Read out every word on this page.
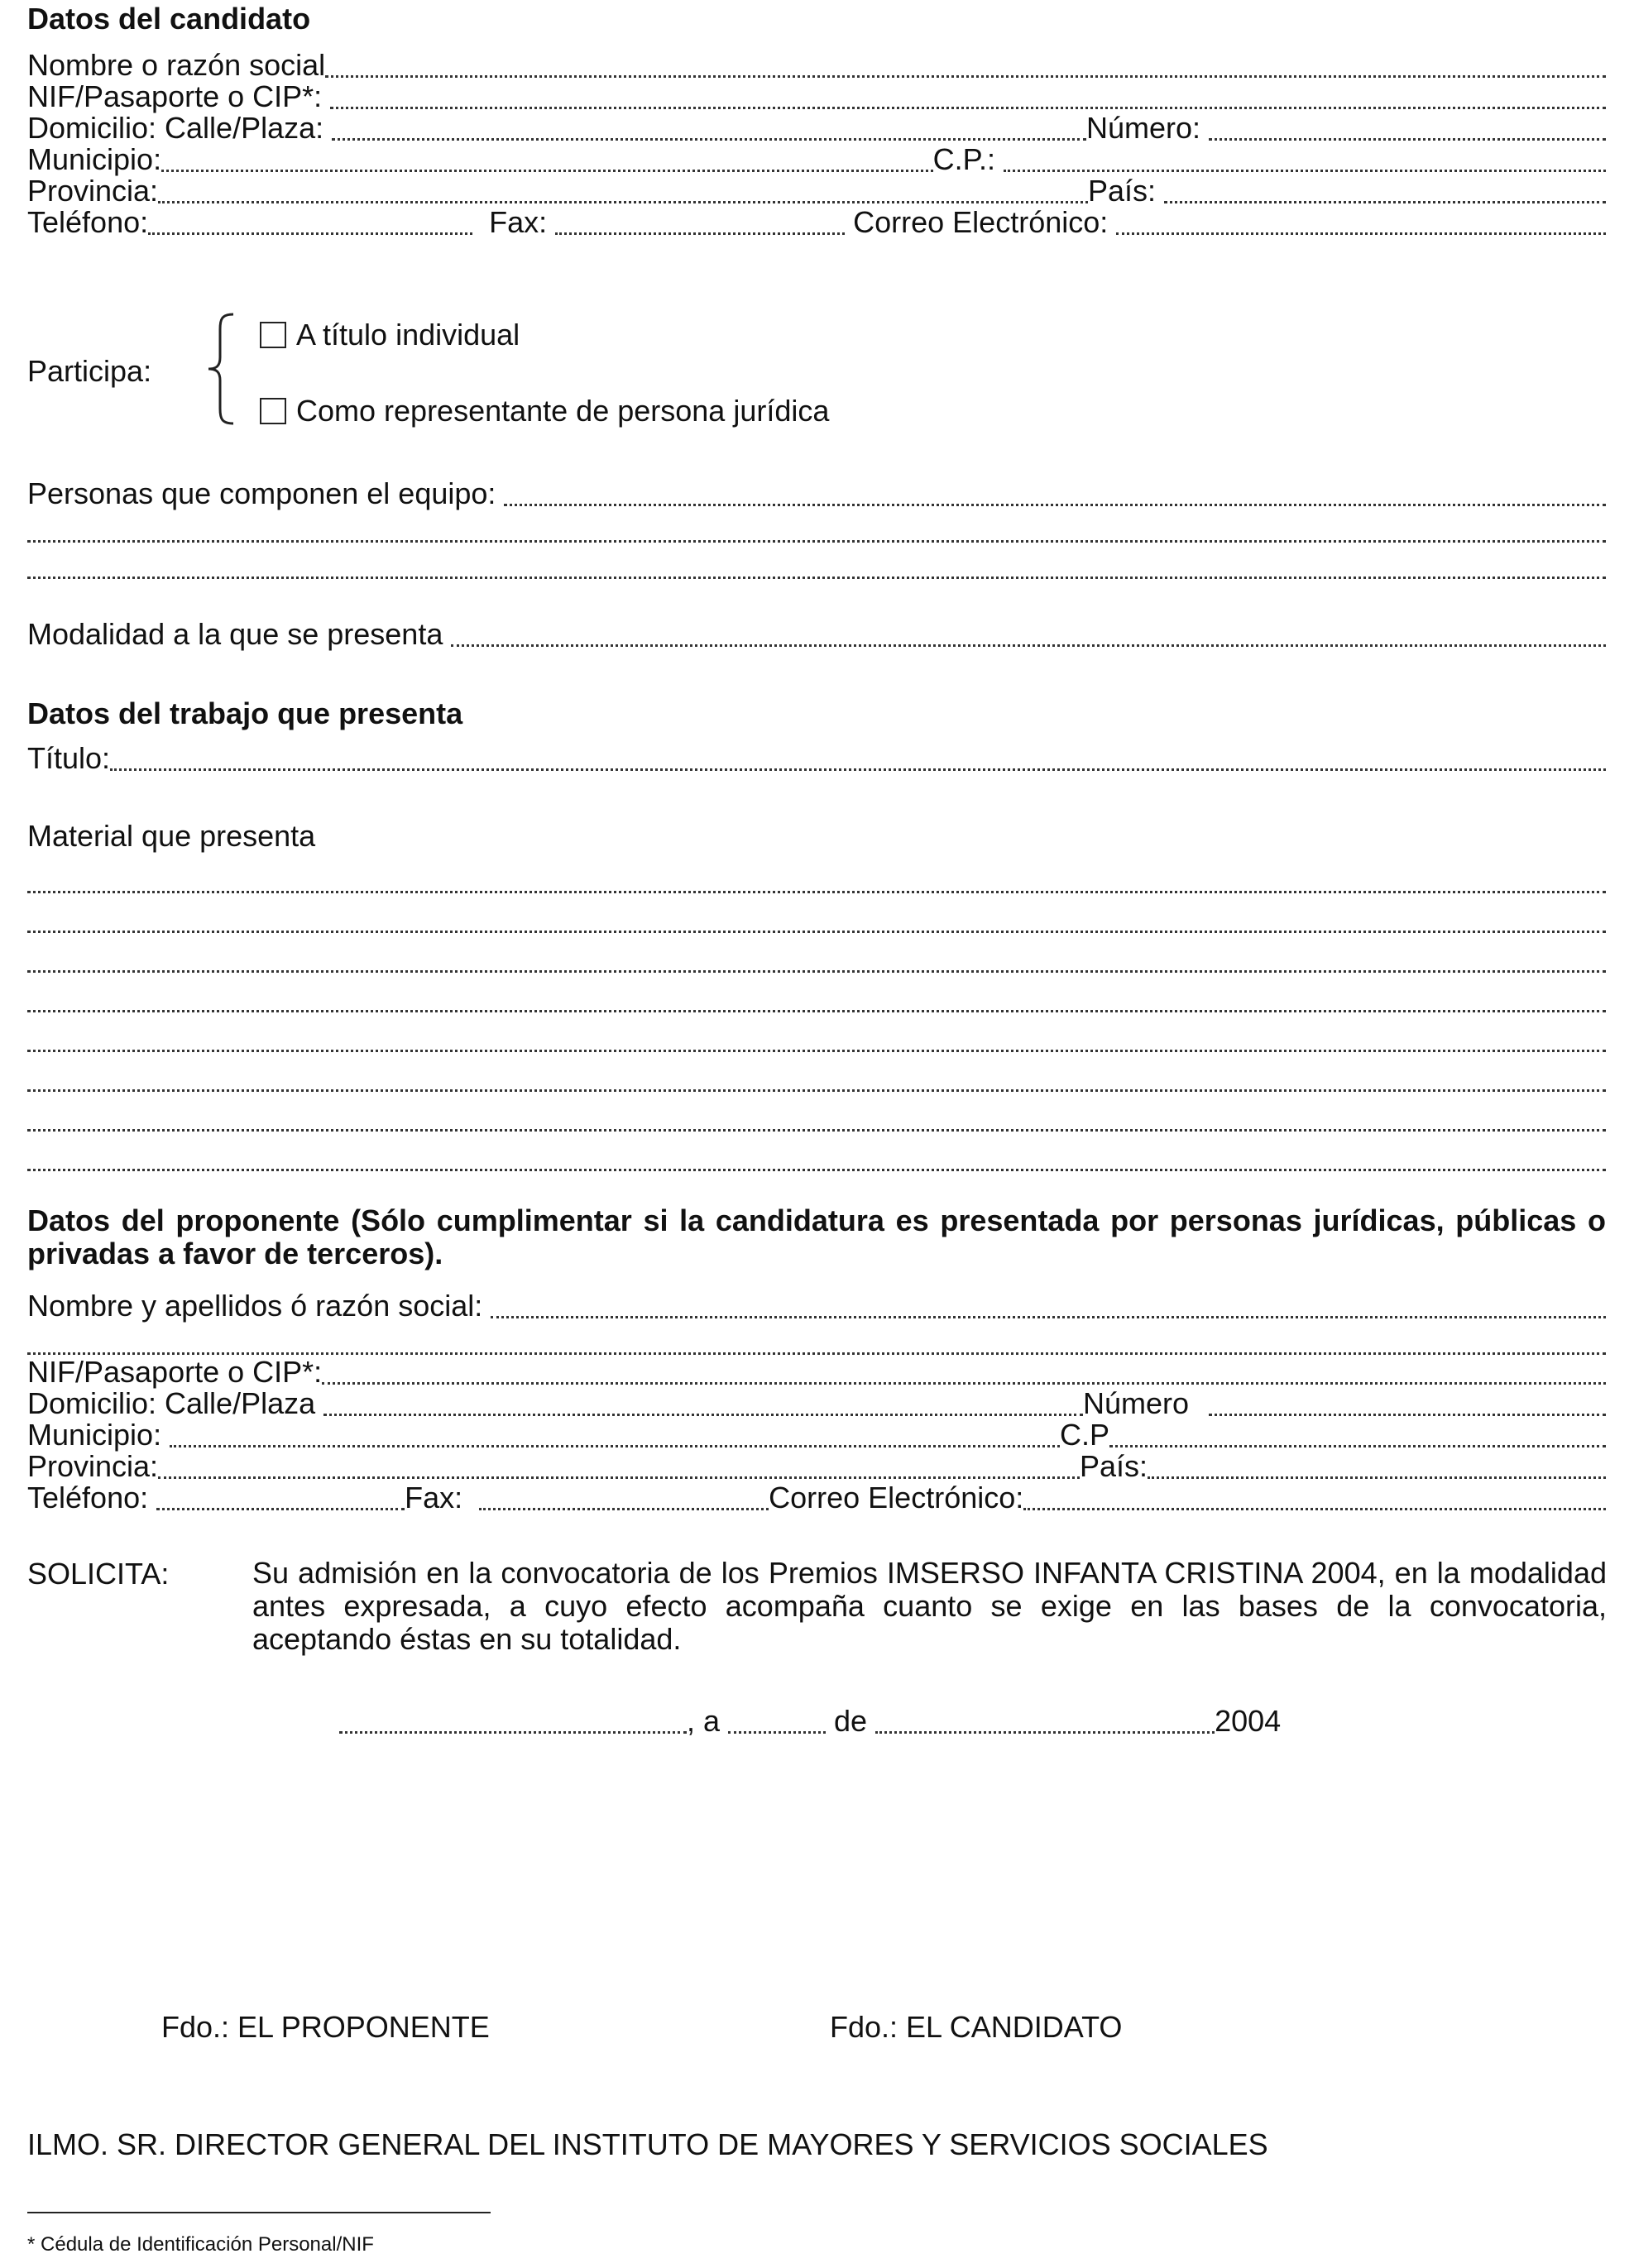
Datos del candidato
Nombre o razón social
NIF/Pasaporte o CIP*:
Domicilio: Calle/Plaza:	Número:
Municipio:	C.P.:
Provincia:	País:
Teléfono:	Fax:	Correo Electrónico:
Participa:
A título individual
Como representante de persona jurídica
Personas que componen el equipo:
Modalidad a la que se presenta
Datos del trabajo que presenta
Título:
Material que presenta

Datos del proponente (Sólo cumplimentar si la candidatura es presentada por personas jurídicas, públicas o privadas a favor de terceros).

Nombre y apellidos ó razón social:
NIF/Pasaporte o CIP*:
Domicilio: Calle/Plaza	Número
Municipio:	C.P
Provincia:	País:
Teléfono:	Fax:	Correo Electrónico:
SOLICITA:	Su admisión en la convocatoria de los Premios IMSERSO INFANTA CRISTINA 2004, en la modalidad antes expresada, a cuyo efecto acompaña cuanto se exige en las bases de la convocatoria, aceptando éstas en su totalidad.

, a	de	2004
Fdo.: EL PROPONENTE	Fdo.: EL CANDIDATO
ILMO. SR. DIRECTOR GENERAL DEL INSTITUTO DE MAYORES Y SERVICIOS SOCIALES
* Cédula de Identificación Personal/NIF
